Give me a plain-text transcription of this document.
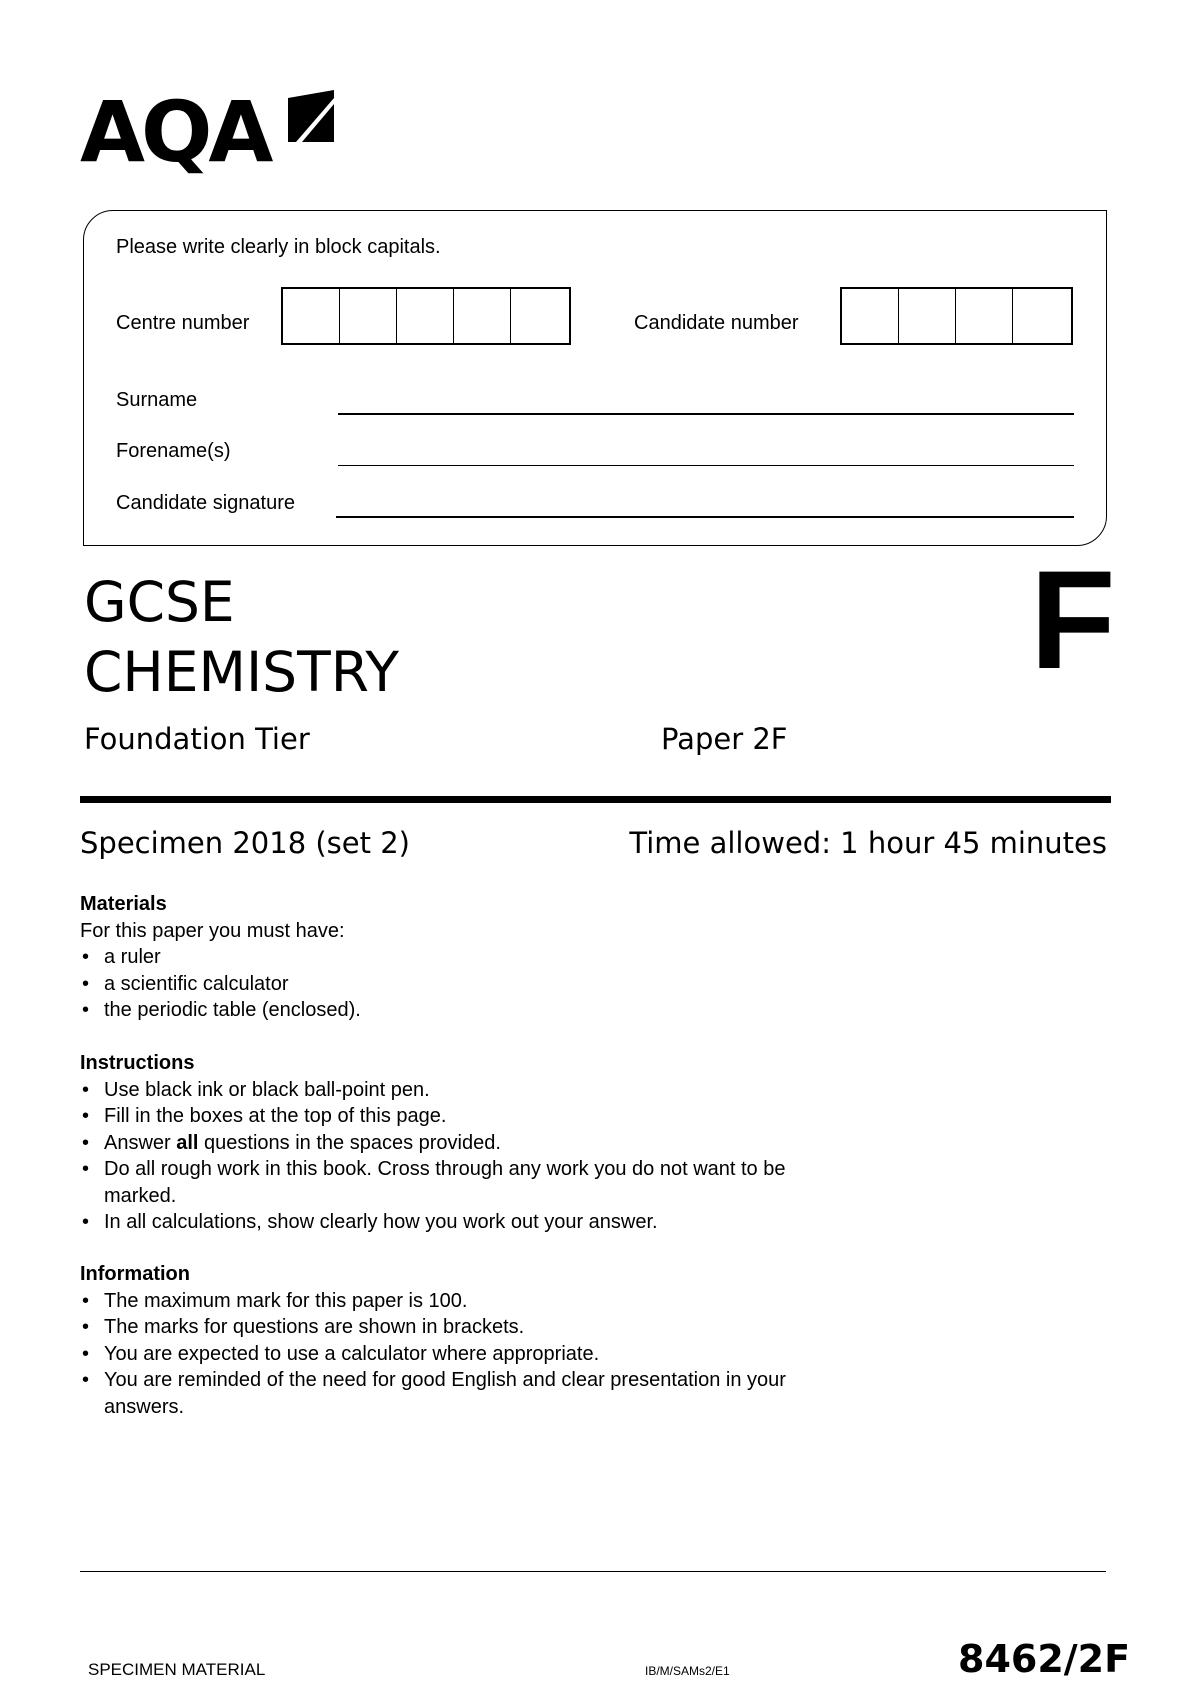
AQA
Please write clearly in block capitals.
Centre number	Candidate number
Surname
Forename(s)
Candidate signature
GCSE
CHEMISTRY	F
Foundation Tier	Paper 2F
Specimen 2018 (set 2)	Time allowed: 1 hour 45 minutes
Materials
For this paper you must have:
• a ruler
• a scientific calculator
• the periodic table (enclosed).
Instructions
• Use black ink or black ball-point pen.
• Fill in the boxes at the top of this page.
• Answer all questions in the spaces provided.
• Do all rough work in this book. Cross through any work you do not want to be marked.
• In all calculations, show clearly how you work out your answer.
Information
• The maximum mark for this paper is 100.
• The marks for questions are shown in brackets.
• You are expected to use a calculator where appropriate.
• You are reminded of the need for good English and clear presentation in your answers.
SPECIMEN MATERIAL	IB/M/SAMs2/E1	8462/2F
